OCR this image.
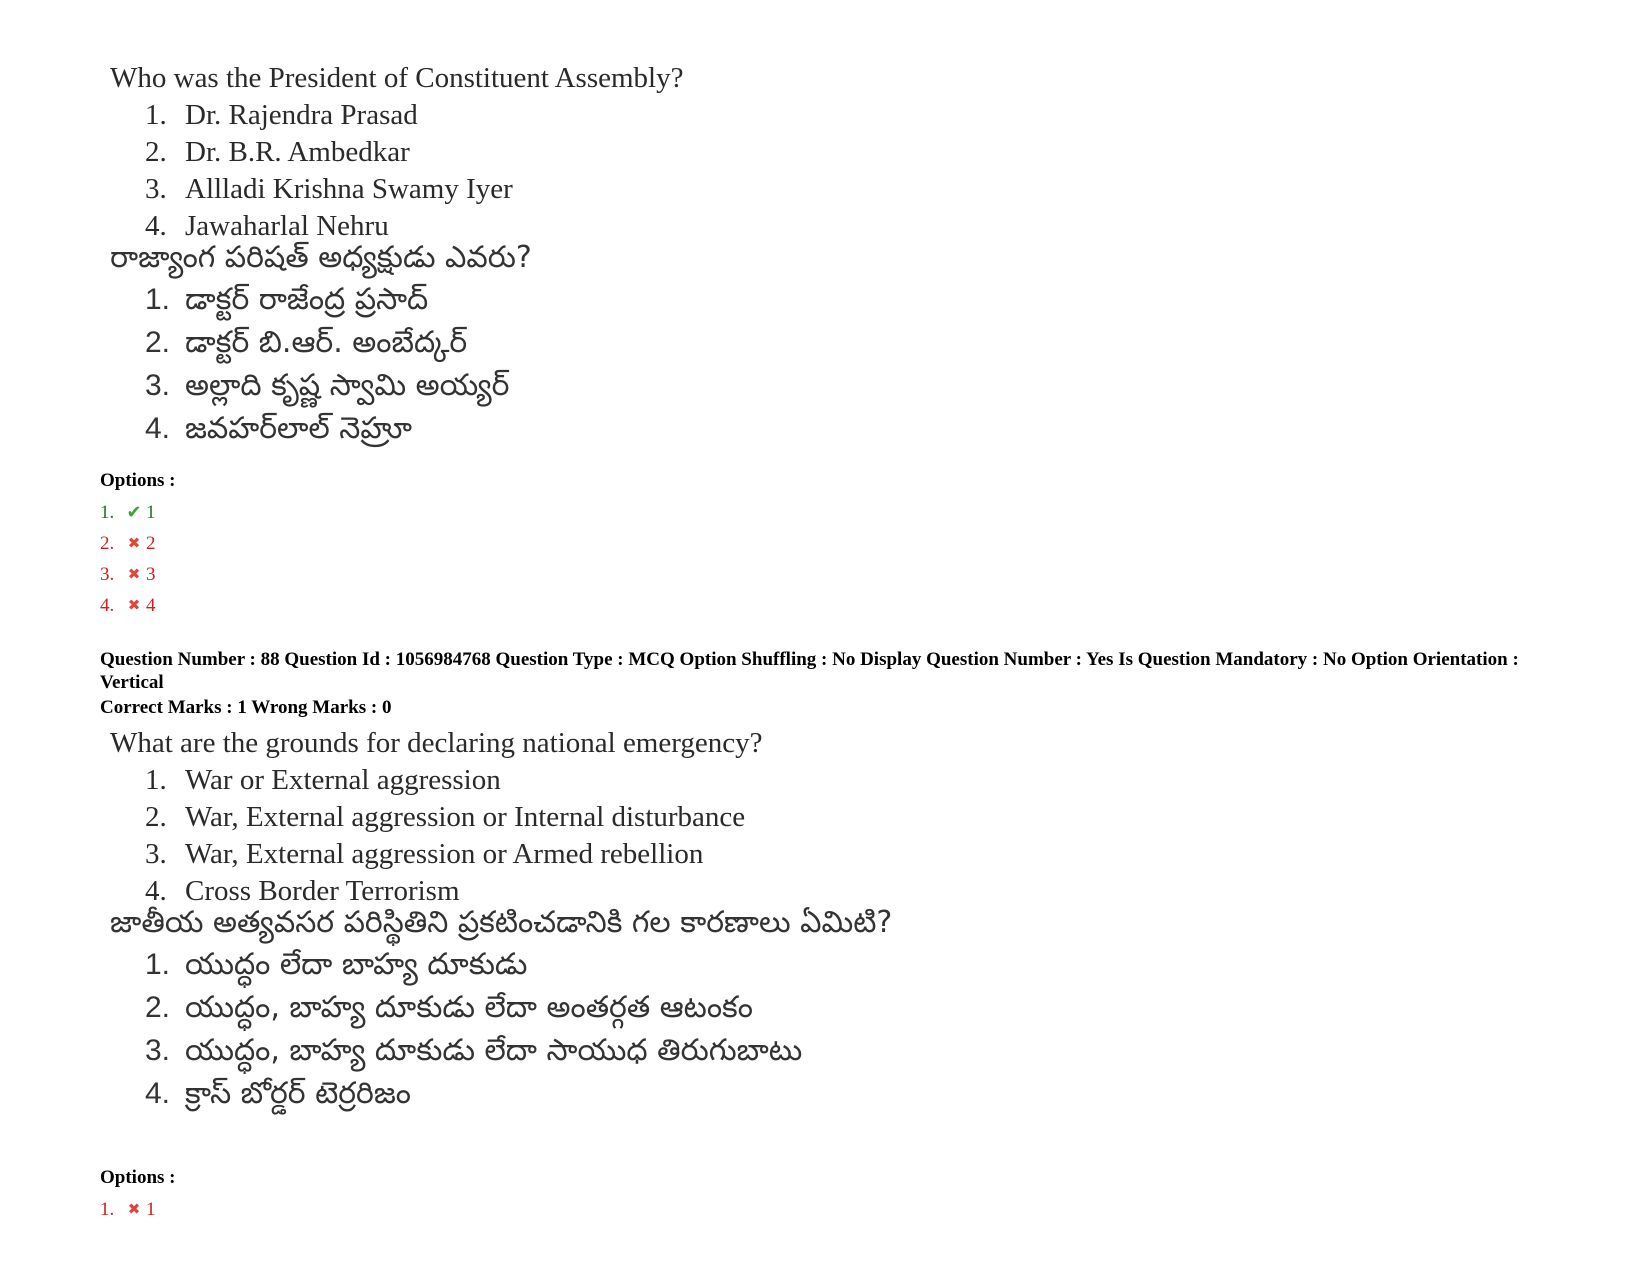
Who was the President of Constituent Assembly?
1. Dr. Rajendra Prasad
2. Dr. B.R. Ambedkar
3. Allladi Krishna Swamy Iyer
4. Jawaharlal Nehru
రాజ్యాంగ పరిషత్ అధ్యక్షుడు ఎవరు?
1. డాక్టర్ రాజేంద్ర ప్రసాద్
2. డాక్టర్ బి.ఆర్. అంబేద్కర్
3. అల్లాది కృష్ణ స్వామి అయ్యర్
4. జవహర్‌లాల్ నెహ్రూ
Options :
1. ✔ 1
2. ✖ 2
3. ✖ 3
4. ✖ 4
Question Number : 88 Question Id : 1056984768 Question Type : MCQ Option Shuffling : No Display Question Number : Yes Is Question Mandatory : No Option Orientation : Vertical
Correct Marks : 1 Wrong Marks : 0
What are the grounds for declaring national emergency?
1. War or External aggression
2. War, External aggression or Internal disturbance
3. War, External aggression or Armed rebellion
4. Cross Border Terrorism
జాతీయ అత్యవసర పరిస్థితిని ప్రకటించడానికి గల కారణాలు ఏమిటి?
1. యుద్ధం లేదా బాహ్య దూకుడు
2. యుద్ధం, బాహ్య దూకుడు లేదా అంతర్గత ఆటంకం
3. యుద్ధం, బాహ్య దూకుడు లేదా సాయుధ తిరుగుబాటు
4. క్రాస్ బోర్డర్ టెర్రరిజం
Options :
1. ✖ 1
